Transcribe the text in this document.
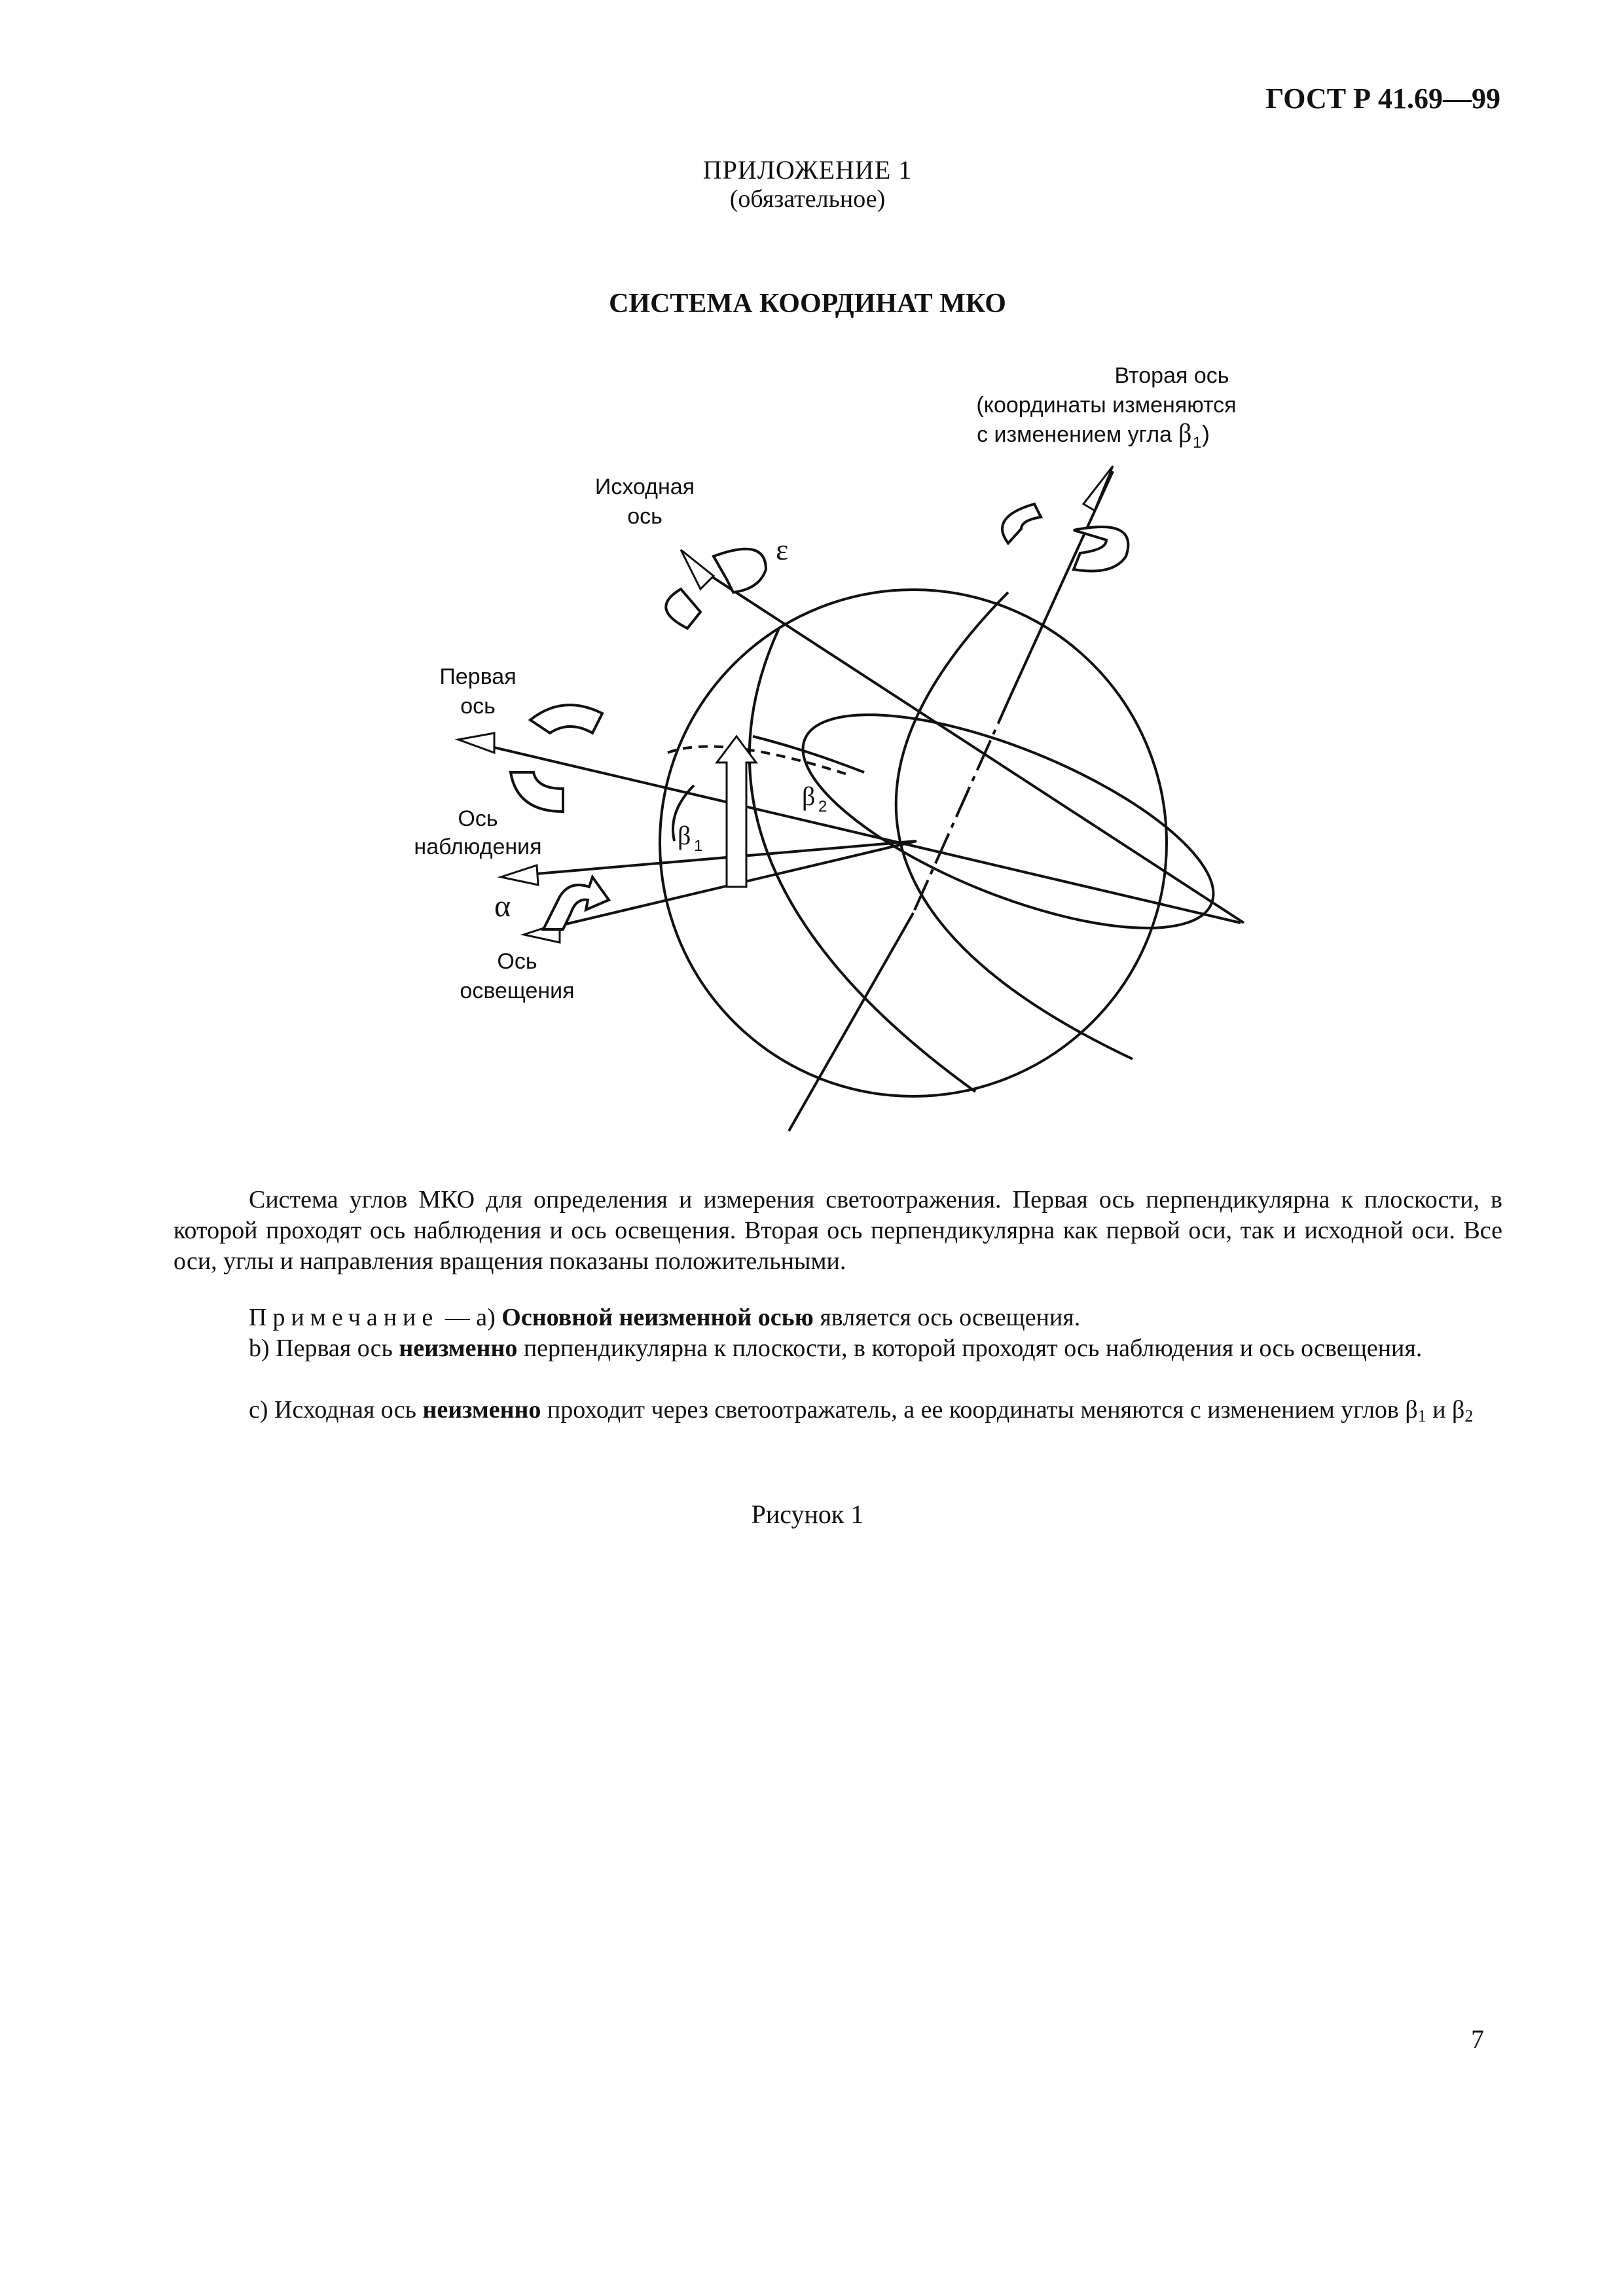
ГОСТ Р 41.69—99
ПРИЛОЖЕНИЕ 1
(обязательное)
СИСТЕМА КООРДИНАТ МКО
Вторая ось
(координаты изменяются
с изменением угла β 1 )
Исходная
ось
ε
Первая
ось
Ось
наблюдения
α
Ось
освещения
β 1
β 2
Система углов МКО для определения и измерения светоотражения. Первая ось перпендикулярна к плоскости, в которой проходят ось наблюдения и ось освещения. Вторая ось перпендикулярна как первой оси, так и исходной оси. Все оси, углы и направления вращения показаны положительными.
Примечание — а) Основной неизменной осью является ось освещения.
b) Первая ось неизменно перпендикулярна к плоскости, в которой проходят ось наблюдения и ось освещения.
с) Исходная ось неизменно проходит через светоотражатель, а ее координаты меняются с изменением углов $\beta_1$ и $\beta_2$
Рисунок 1
7
